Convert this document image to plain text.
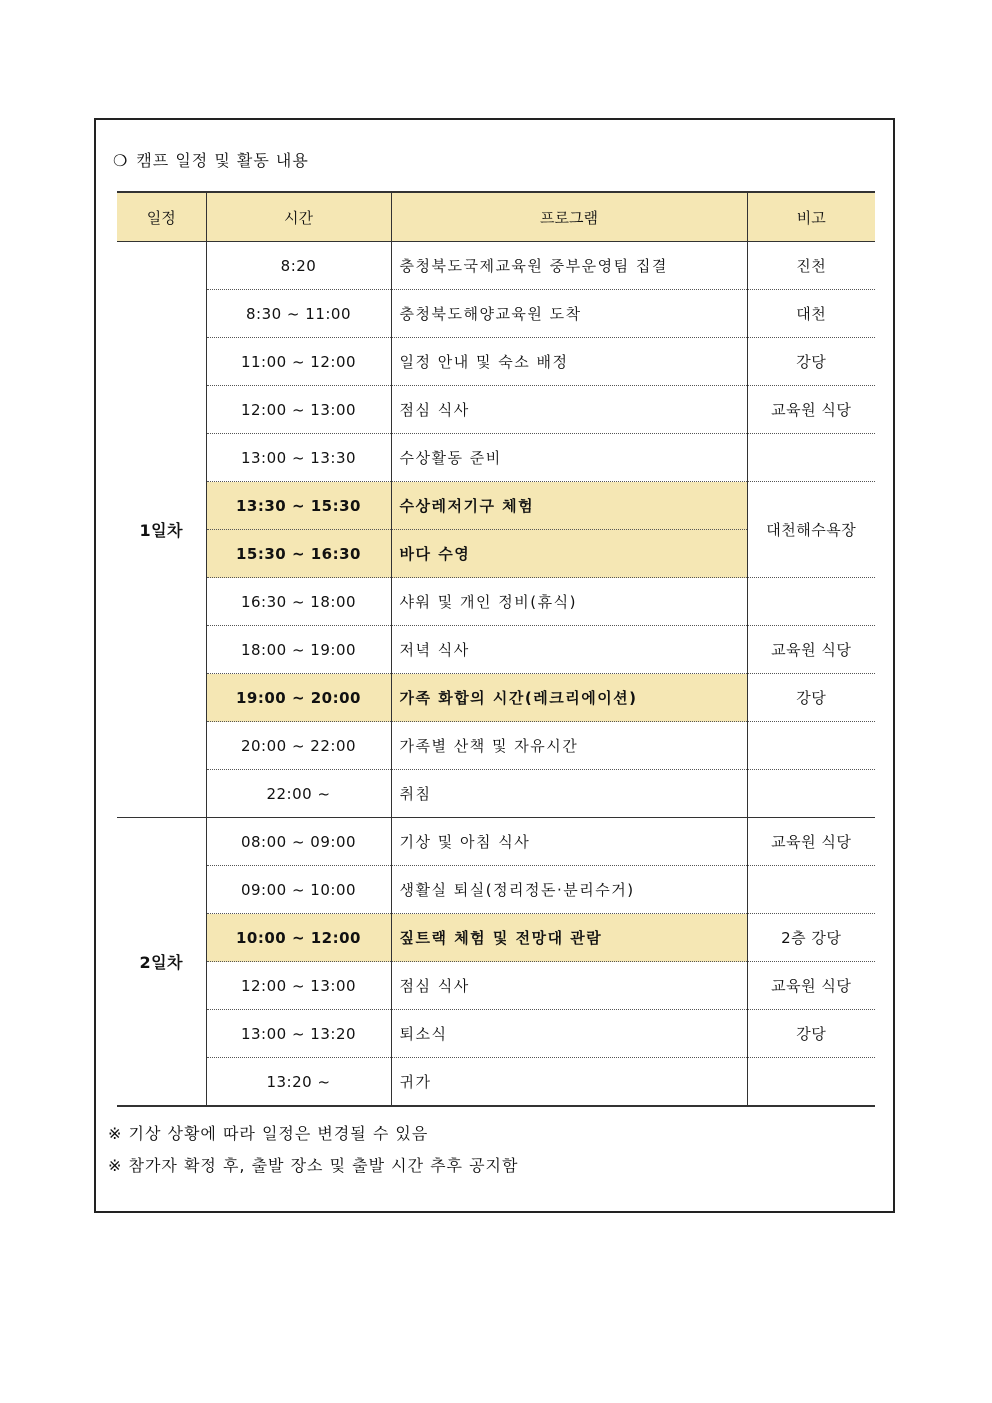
❍ 캠프 일정 및 활동 내용
일정	시간	프로그램	비고
1일차	8:20	충청북도국제교육원 중부운영팀 집결	진천
	8:30 ~ 11:00	충청북도해양교육원 도착	대천
	11:00 ~ 12:00	일정 안내 및 숙소 배정	강당
	12:00 ~ 13:00	점심 식사	교육원 식당
	13:00 ~ 13:30	수상활동 준비	
	13:30 ~ 15:30	수상레저기구 체험	대천해수욕장
	15:30 ~ 16:30	바다 수영	
	16:30 ~ 18:00	샤워 및 개인 정비(휴식)	
	18:00 ~ 19:00	저녁 식사	교육원 식당
	19:00 ~ 20:00	가족 화합의 시간(레크리에이션)	강당
	20:00 ~ 22:00	가족별 산책 및 자유시간	
	22:00 ~	취침	
2일차	08:00 ~ 09:00	기상 및 아침 식사	교육원 식당
	09:00 ~ 10:00	생활실 퇴실(정리정돈·분리수거)	
	10:00 ~ 12:00	짚트랙 체험 및 전망대 관람	2층 강당
	12:00 ~ 13:00	점심 식사	교육원 식당
	13:00 ~ 13:20	퇴소식	강당
	13:20 ~	귀가	
※ 기상 상황에 따라 일정은 변경될 수 있음
※ 참가자 확정 후, 출발 장소 및 출발 시간 추후 공지함
